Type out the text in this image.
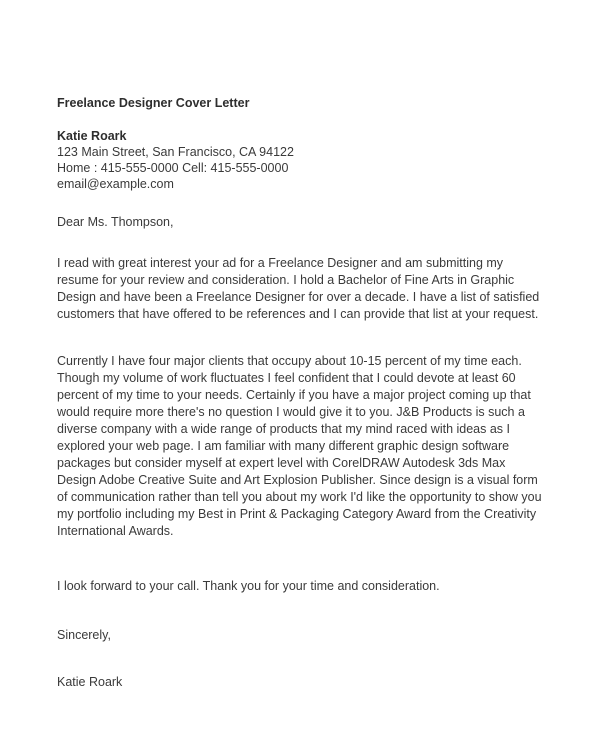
Freelance Designer Cover Letter

Katie Roark

123 Main Street, San Francisco, CA 94122

Home : 415-555-0000 Cell: 415-555-0000

email@example.com

Dear Ms. Thompson,

I read with great interest your ad for a Freelance Designer and am submitting my resume for your review and consideration. I hold a Bachelor of Fine Arts in Graphic Design and have been a Freelance Designer for over a decade. I have a list of satisfied customers that have offered to be references and I can provide that list at your request.

Currently I have four major clients that occupy about 10-15 percent of my time each. Though my volume of work fluctuates I feel confident that I could devote at least 60 percent of my time to your needs. Certainly if you have a major project coming up that would require more there's no question I would give it to you. J&B Products is such a diverse company with a wide range of products that my mind raced with ideas as I explored your web page. I am familiar with many different graphic design software packages but consider myself at expert level with CorelDRAW Autodesk 3ds Max Design Adobe Creative Suite and Art Explosion Publisher. Since design is a visual form of communication rather than tell you about my work I'd like the opportunity to show you my portfolio including my Best in Print & Packaging Category Award from the Creativity International Awards.

I look forward to your call. Thank you for your time and consideration.

Sincerely,

Katie Roark
